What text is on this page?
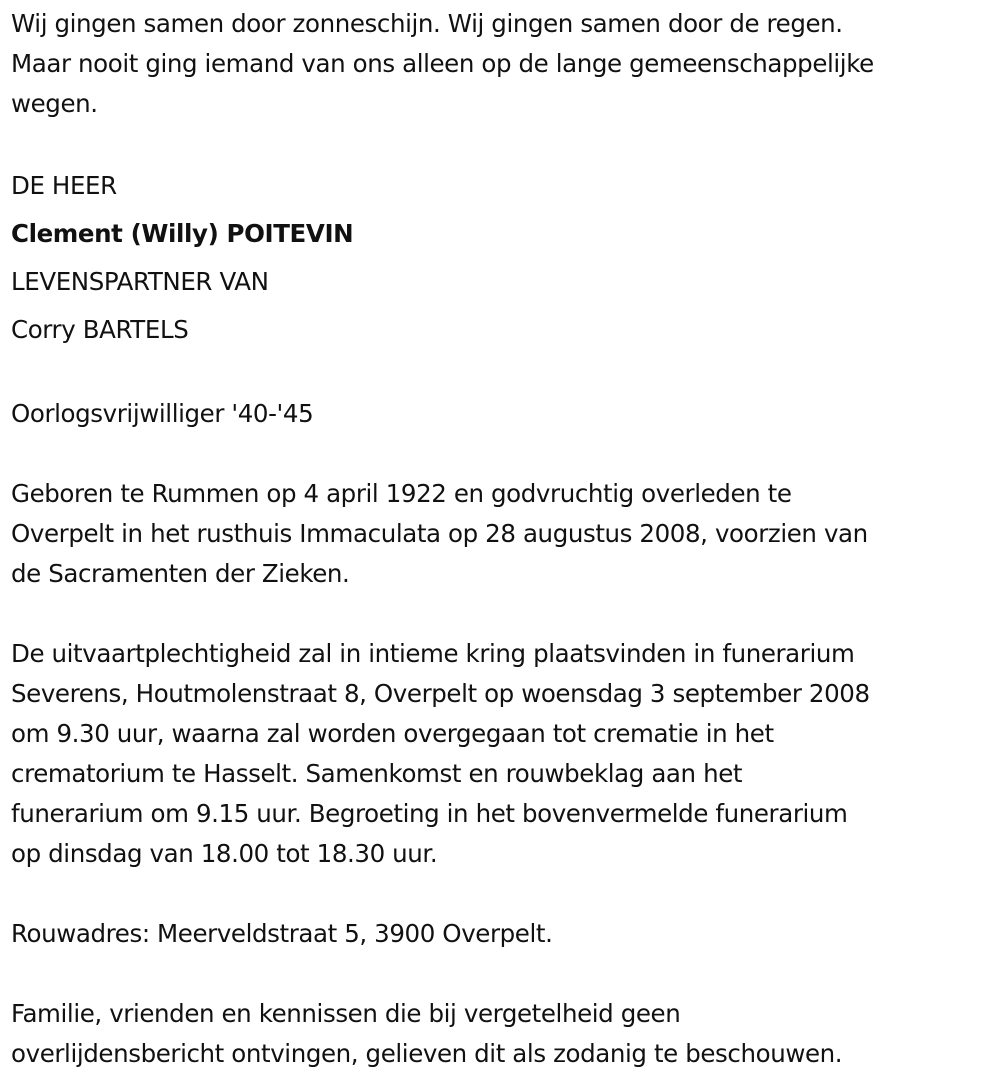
Wij gingen samen door zonneschijn. Wij gingen samen door de regen.
Maar nooit ging iemand van ons alleen op de lange gemeenschappelijke
wegen.
DE HEER
Clement (Willy) POITEVIN
LEVENSPARTNER VAN
Corry BARTELS
Oorlogsvrijwilliger '40-'45
Geboren te Rummen op 4 april 1922 en godvruchtig overleden te
Overpelt in het rusthuis Immaculata op 28 augustus 2008, voorzien van
de Sacramenten der Zieken.
De uitvaartplechtigheid zal in intieme kring plaatsvinden in funerarium
Severens, Houtmolenstraat 8, Overpelt op woensdag 3 september 2008
om 9.30 uur, waarna zal worden overgegaan tot crematie in het
crematorium te Hasselt. Samenkomst en rouwbeklag aan het
funerarium om 9.15 uur. Begroeting in het bovenvermelde funerarium
op dinsdag van 18.00 tot 18.30 uur.
Rouwadres: Meerveldstraat 5, 3900 Overpelt.
Familie, vrienden en kennissen die bij vergetelheid geen
overlijdensbericht ontvingen, gelieven dit als zodanig te beschouwen.
